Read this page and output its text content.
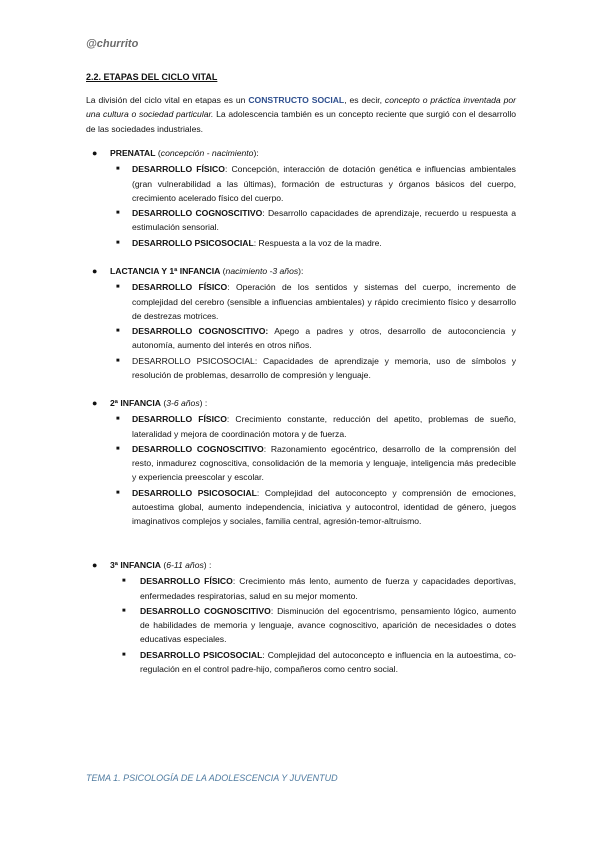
@churrito
2.2. ETAPAS DEL CICLO VITAL

La división del ciclo vital en etapas es un CONSTRUCTO SOCIAL, es decir, concepto o práctica inventada por una cultura o sociedad particular. La adolescencia también es un concepto reciente que surgió con el desarrollo de las sociedades industriales.

● PRENATAL (concepción - nacimiento):
■ DESARROLLO FÍSICO: Concepción, interacción de dotación genética e influencias ambientales (gran vulnerabilidad a las últimas), formación de estructuras y órganos básicos del cuerpo, crecimiento acelerado físico del cuerpo.
■ DESARROLLO COGNOSCITIVO: Desarrollo capacidades de aprendizaje, recuerdo u respuesta a estimulación sensorial.
■ DESARROLLO PSICOSOCIAL: Respuesta a la voz de la madre.
● LACTANCIA Y 1ª INFANCIA (nacimiento -3 años):
■ DESARROLLO FÍSICO: Operación de los sentidos y sistemas del cuerpo, incremento de complejidad del cerebro (sensible a influencias ambientales) y rápido crecimiento físico y desarrollo de destrezas motrices.
■ DESARROLLO COGNOSCITIVO: Apego a padres y otros, desarrollo de autoconciencia y autonomía, aumento del interés en otros niños.
■ DESARROLLO PSICOSOCIAL: Capacidades de aprendizaje y memoria, uso de símbolos y resolución de problemas, desarrollo de compresión y lenguaje.
● 2ª INFANCIA (3-6 años) :
■ DESARROLLO FÍSICO: Crecimiento constante, reducción del apetito, problemas de sueño, lateralidad y mejora de coordinación motora y de fuerza.
■ DESARROLLO COGNOSCITIVO: Razonamiento egocéntrico, desarrollo de la comprensión del resto, inmadurez cognoscitiva, consolidación de la memoria y lenguaje, inteligencia más predecible y experiencia preescolar y escolar.
■ DESARROLLO PSICOSOCIAL: Complejidad del autoconcepto y comprensión de emociones, autoestima global, aumento independencia, iniciativa y autocontrol, identidad de género, juegos imaginativos complejos y sociales, familia central, agresión-temor-altruismo.
● 3ª INFANCIA (6-11 años) :
■ DESARROLLO FÍSICO: Crecimiento más lento, aumento de fuerza y capacidades deportivas, enfermedades respiratorias, salud en su mejor momento.
■ DESARROLLO COGNOSCITIVO: Disminución del egocentrismo, pensamiento lógico, aumento de habilidades de memoria y lenguaje, avance cognoscitivo, aparición de necesidades o dotes educativas especiales.
■ DESARROLLO PSICOSOCIAL: Complejidad del autoconcepto e influencia en la autoestima, co-regulación en el control padre-hijo, compañeros como centro social.
TEMA 1. PSICOLOGÍA DE LA ADOLESCENCIA Y JUVENTUD
